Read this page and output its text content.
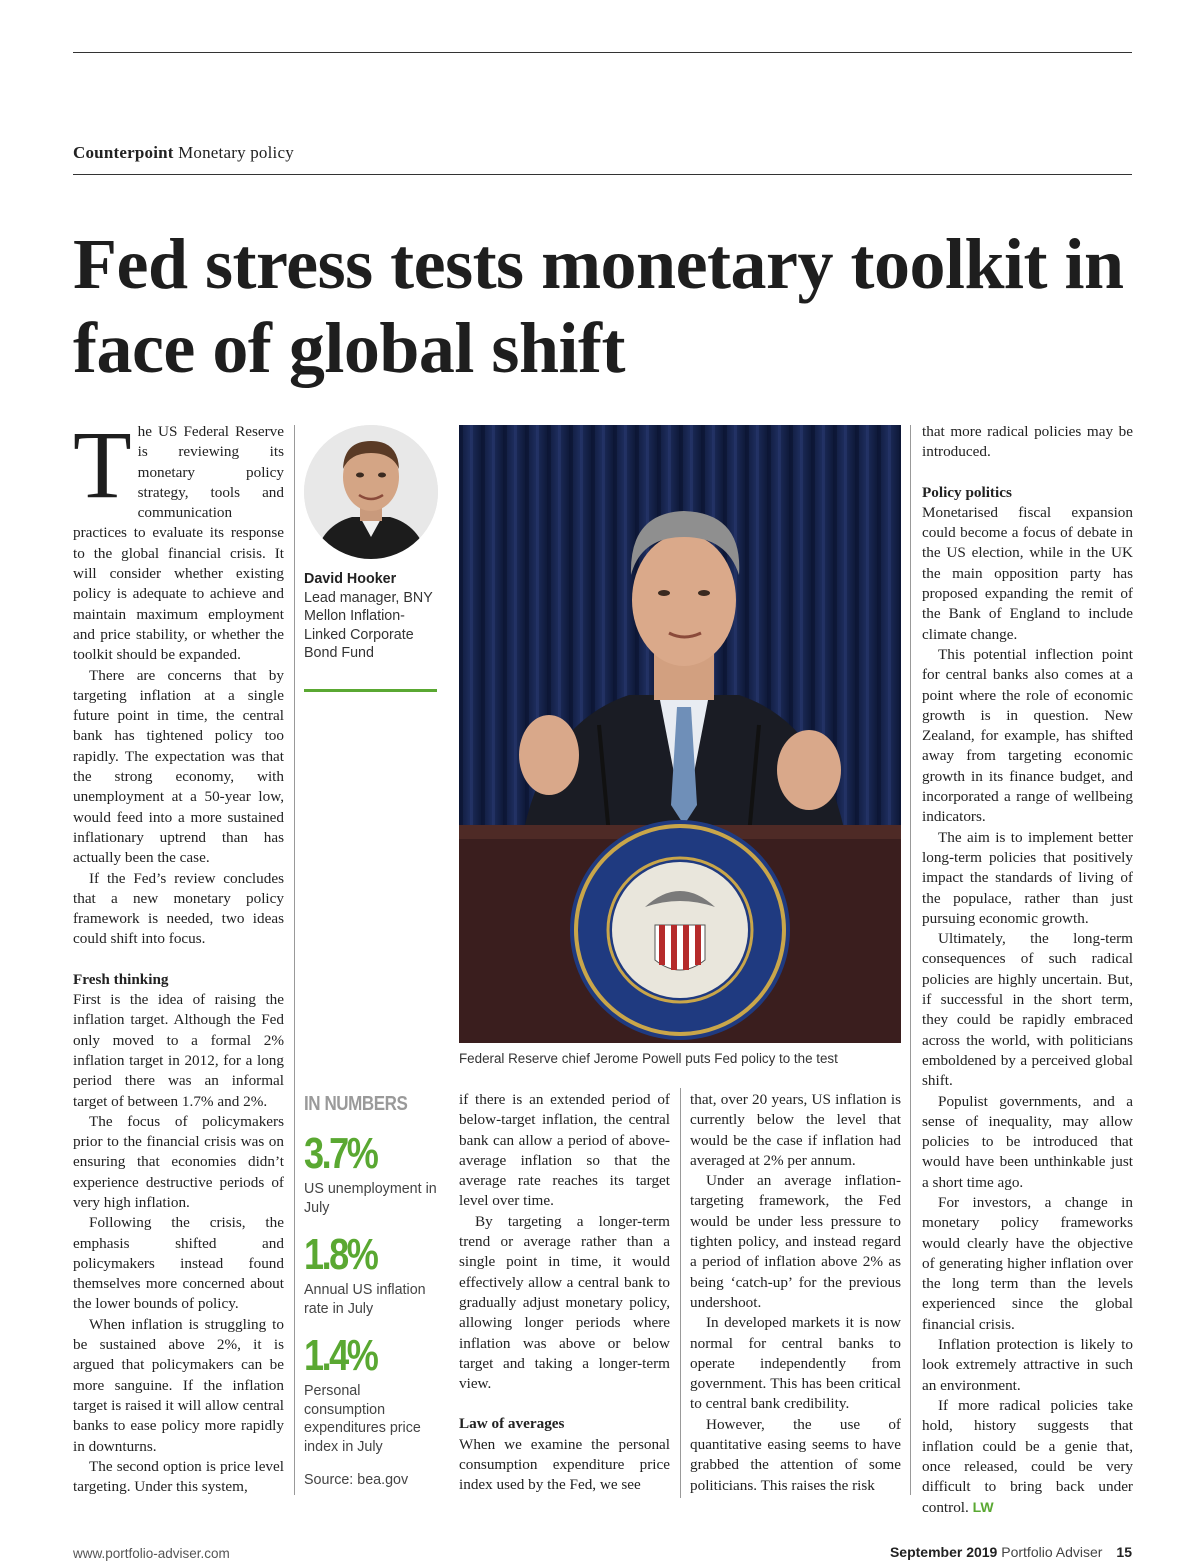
Counterpoint Monetary policy
Fed stress tests monetary toolkit in face of global shift

The US Federal Reserve is reviewing its monetary policy strategy, tools and communication practices to evaluate its response to the global financial crisis. It will consider whether existing policy is adequate to achieve and maintain maximum employment and price stability, or whether the toolkit should be expanded.

There are concerns that by targeting inflation at a single future point in time, the central bank has tightened policy too rapidly. The expectation was that the strong economy, with unemployment at a 50-year low, would feed into a more sustained inflationary uptrend than has actually been the case.

If the Fed’s review concludes that a new monetary policy framework is needed, two ideas could shift into focus.

Fresh thinking

First is the idea of raising the inflation target. Although the Fed only moved to a formal 2% inflation target in 2012, for a long period there was an informal target of between 1.7% and 2%.

The focus of policymakers prior to the financial crisis was on ensuring that economies didn’t experience destructive periods of very high inflation.

Following the crisis, the emphasis shifted and policymakers instead found themselves more concerned about the lower bounds of policy.

When inflation is struggling to be sustained above 2%, it is argued that policymakers can be more sanguine. If the inflation target is raised it will allow central banks to ease policy more rapidly in downturns.

The second option is price level targeting. Under this system,

David Hooker
Lead manager, BNY Mellon Inflation-Linked Corporate Bond Fund
Federal Reserve chief Jerome Powell puts Fed policy to the test
IN NUMBERS
3.7%
US unemployment in July
1.8%
Annual US inflation rate in July
1.4%
Personal consumption expenditures price index in July
Source: bea.gov

if there is an extended period of below-target inflation, the central bank can allow a period of above-average inflation so that the average rate reaches its target level over time.

By targeting a longer-term trend or average rather than a single point in time, it would effectively allow a central bank to gradually adjust monetary policy, allowing longer periods where inflation was above or below target and taking a longer-term view.

Law of averages

When we examine the personal consumption expenditure price index used by the Fed, we see

that, over 20 years, US inflation is currently below the level that would be the case if inflation had averaged at 2% per annum.

Under an average inflation-targeting framework, the Fed would be under less pressure to tighten policy, and instead regard a period of inflation above 2% as being ‘catch-up’ for the previous undershoot.

In developed markets it is now normal for central banks to operate independently from government. This has been critical to central bank credibility.

However, the use of quantitative easing seems to have grabbed the attention of some politicians. This raises the risk

that more radical policies may be introduced.

Policy politics

Monetarised fiscal expansion could become a focus of debate in the US election, while in the UK the main opposition party has proposed expanding the remit of the Bank of England to include climate change.

This potential inflection point for central banks also comes at a point where the role of economic growth is in question. New Zealand, for example, has shifted away from targeting economic growth in its finance budget, and incorporated a range of wellbeing indicators.

The aim is to implement better long-term policies that positively impact the standards of living of the populace, rather than just pursuing economic growth.

Ultimately, the long-term consequences of such radical policies are highly uncertain. But, if successful in the short term, they could be rapidly embraced across the world, with politicians emboldened by a perceived global shift.

Populist governments, and a sense of inequality, may allow policies to be introduced that would have been unthinkable just a short time ago.

For investors, a change in monetary policy frameworks would clearly have the objective of generating higher inflation over the long term than the levels experienced since the global financial crisis.

Inflation protection is likely to look extremely attractive in such an environment.

If more radical policies take hold, history suggests that inflation could be a genie that, once released, could be very difficult to bring back under control. LW

www.portfolio-adviser.com	September 2019 Portfolio Adviser 15
